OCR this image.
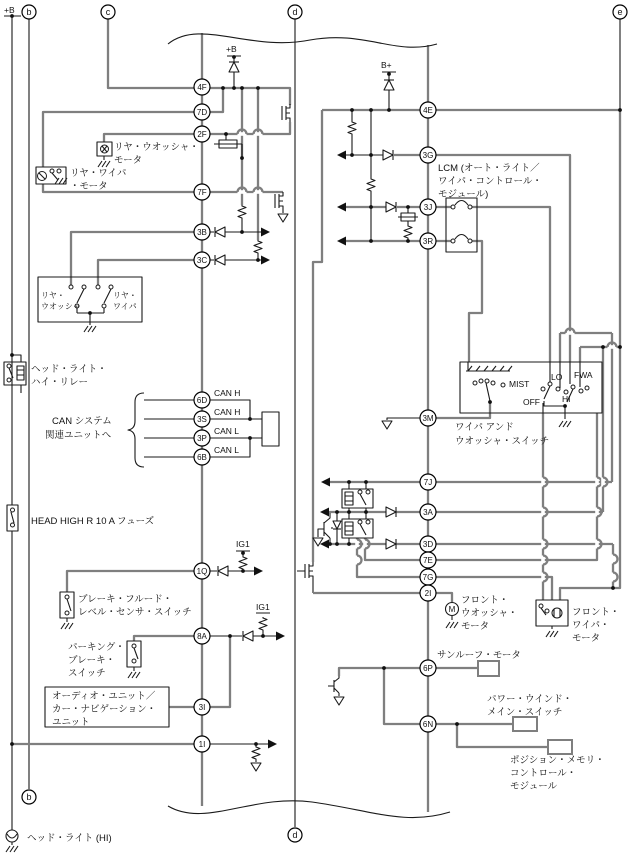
M
4F
7D
2F
7F
3B
3C
6D
3S
3P
6B
1Q
8A
3I
1I
4E
3G
3J
3R
3M
7J
3A
3D
7E
7G
2I
6P
6N
b	c	d	e
b
d
+B
+B
B+
リヤ・ウオッシャ・
モータ
リヤ・ワイパ
・モータ
リヤ・
ウオッシャ
リヤ・
ワイパ
ヘッド・ライト・
ハイ・リレー
CAN システム
関連ユニットへ
CAN H
CAN H
CAN L
CAN L
HEAD HIGH R 10 A フューズ
IG1
IG1
ブレーキ・フルード・
レベル・センサ・スイッチ
パーキング・
ブレーキ・
スイッチ
オーディオ・ユニット／
カー・ナビゲーション・
ユニット
ヘッド・ライト (HI)
LCM (オート・ライト／
ワイパ・コントロール・
モジュール)
MIST
OFF
LO
HI
FWA
ワイパ アンド
ウオッシャ・スイッチ
フロント・
ウオッシャ・
モータ
フロント・
ワイパ・
モータ
サンルーフ・モータ
パワー・ウインド・
メイン・スイッチ
ポジション・メモリ・
コントロール・
モジュール
